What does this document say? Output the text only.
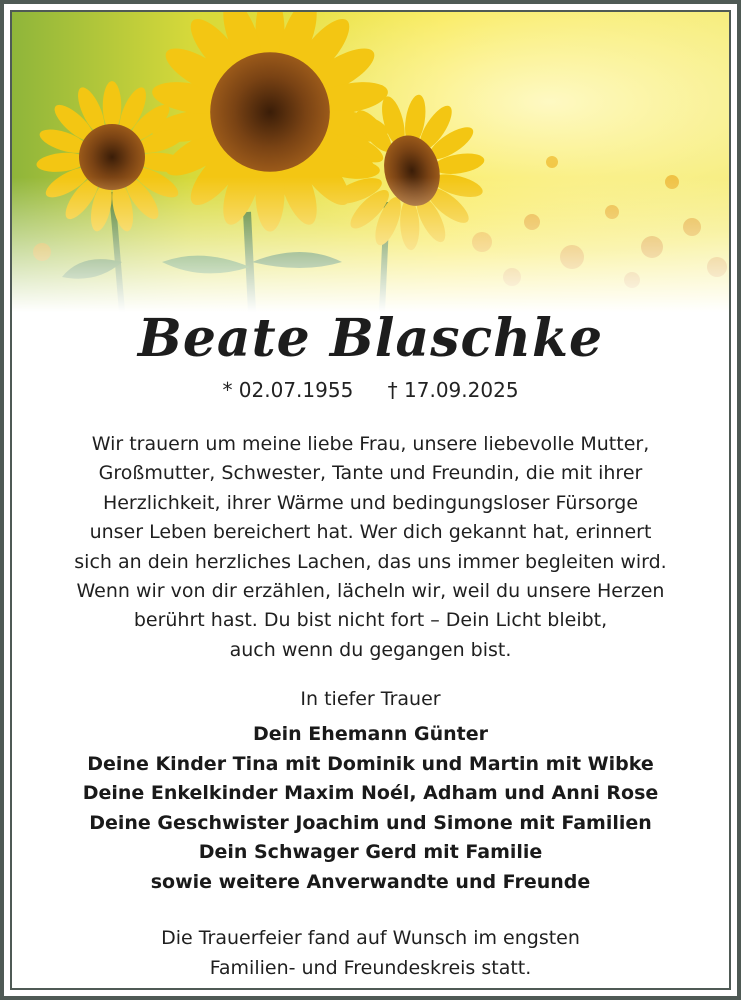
Beate Blaschke
* 02.07.1955 † 17.09.2025
Wir trauern um meine liebe Frau, unsere liebevolle Mutter,
Großmutter, Schwester, Tante und Freundin, die mit ihrer
Herzlichkeit, ihrer Wärme und bedingungsloser Fürsorge
unser Leben bereichert hat. Wer dich gekannt hat, erinnert
sich an dein herzliches Lachen, das uns immer begleiten wird.
Wenn wir von dir erzählen, lächeln wir, weil du unsere Herzen
berührt hast. Du bist nicht fort – Dein Licht bleibt,
auch wenn du gegangen bist.
In tiefer Trauer
Dein Ehemann Günter
Deine Kinder Tina mit Dominik und Martin mit Wibke
Deine Enkelkinder Maxim Noél, Adham und Anni Rose
Deine Geschwister Joachim und Simone mit Familien
Dein Schwager Gerd mit Familie
sowie weitere Anverwandte und Freunde
Die Trauerfeier fand auf Wunsch im engsten
Familien- und Freundeskreis statt.
